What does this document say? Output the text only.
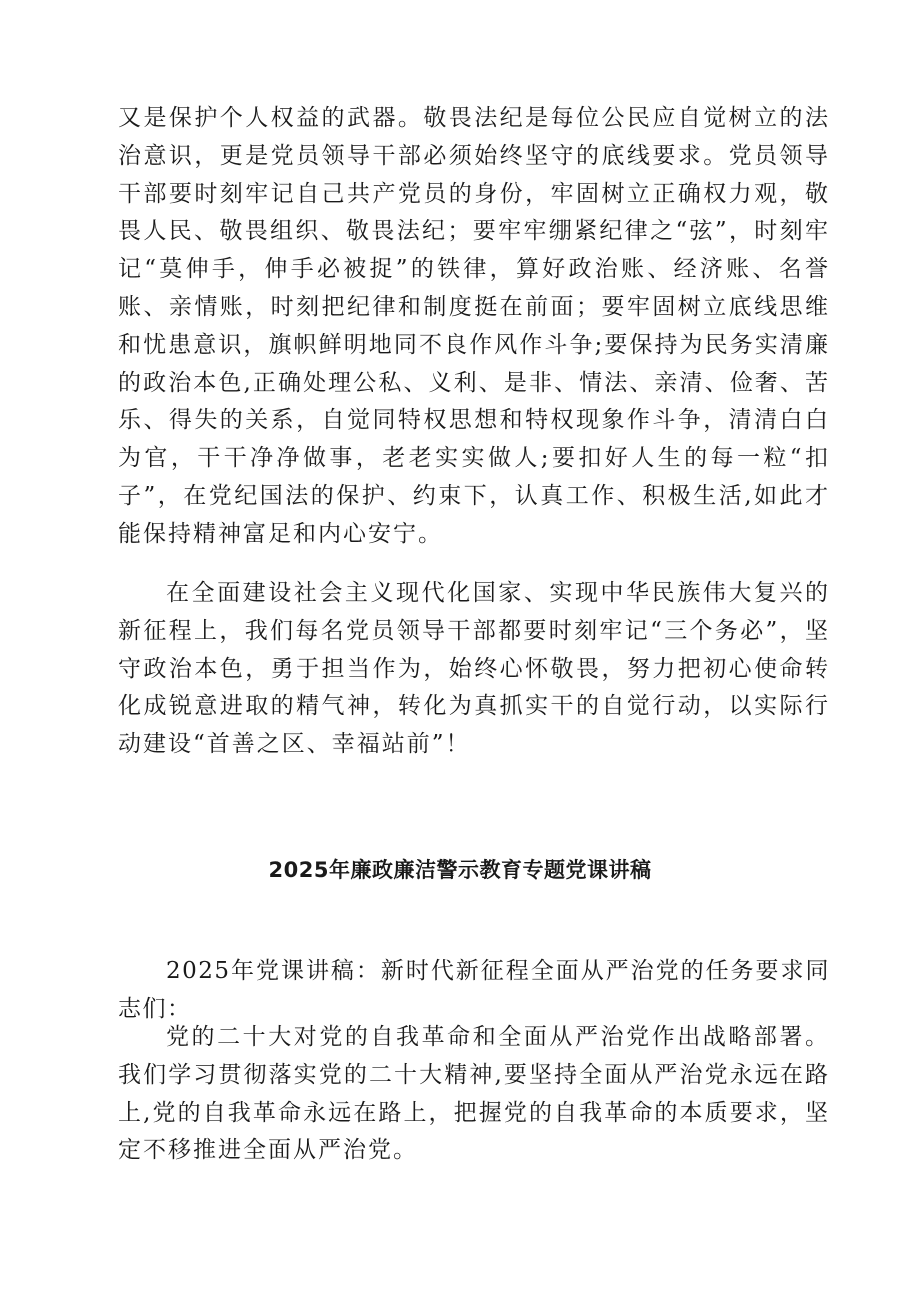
又是保护个人权益的武器。敬畏法纪是每位公民应自觉树立的法治意识，更是党员领导干部必须始终坚守的底线要求。党员领导干部要时刻牢记自己共产党员的身份，牢固树立正确权力观，敬畏人民、敬畏组织、敬畏法纪；要牢牢绷紧纪律之“弦”，时刻牢记“莫伸手，伸手必被捉”的铁律，算好政治账、经济账、名誉账、亲情账，时刻把纪律和制度挺在前面；要牢固树立底线思维和忧患意识，旗帜鲜明地同不良作风作斗争;要保持为民务实清廉的政治本色,正确处理公私、义利、是非、情法、亲清、俭奢、苦乐、得失的关系，自觉同特权思想和特权现象作斗争，清清白白为官，干干净净做事，老老实实做人;要扣好人生的每一粒“扣子”，在党纪国法的保护、约束下，认真工作、积极生活,如此才能保持精神富足和内心安宁。

在全面建设社会主义现代化国家、实现中华民族伟大复兴的新征程上，我们每名党员领导干部都要时刻牢记“三个务必”，坚守政治本色，勇于担当作为，始终心怀敬畏，努力把初心使命转化成锐意进取的精气神，转化为真抓实干的自觉行动，以实际行动建设“首善之区、幸福站前”！

2025年廉政廉洁警示教育专题党课讲稿

2025年党课讲稿：新时代新征程全面从严治党的任务要求同志们：

党的二十大对党的自我革命和全面从严治党作出战略部署。我们学习贯彻落实党的二十大精神,要坚持全面从严治党永远在路上,党的自我革命永远在路上，把握党的自我革命的本质要求，坚定不移推进全面从严治党。
